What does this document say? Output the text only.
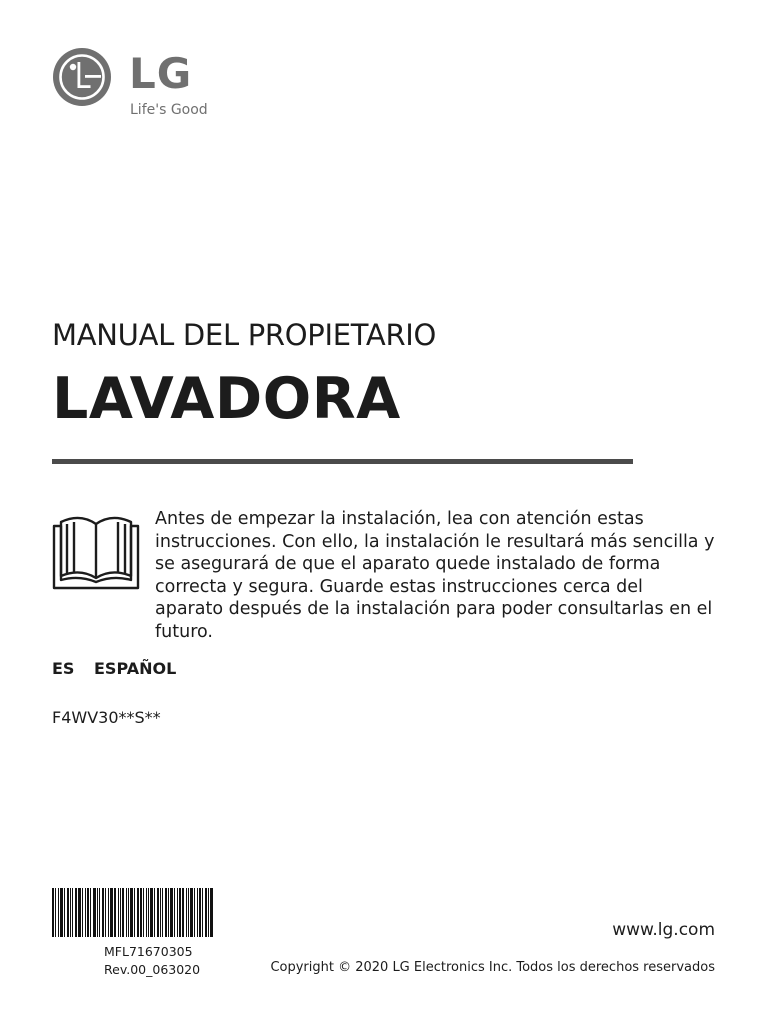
LG
Life's Good
MANUAL DEL PROPIETARIO
LAVADORA
Antes de empezar la instalación, lea con atención estas instrucciones. Con ello, la instalación le resultará más sencilla y se asegurará de que el aparato quede instalado de forma correcta y segura. Guarde estas instrucciones cerca del aparato después de la instalación para poder consultarlas en el futuro.
ES ESPAÑOL
F4WV30**S**
MFL71670305
Rev.00_063020
www.lg.com
Copyright © 2020 LG Electronics Inc. Todos los derechos reservados
